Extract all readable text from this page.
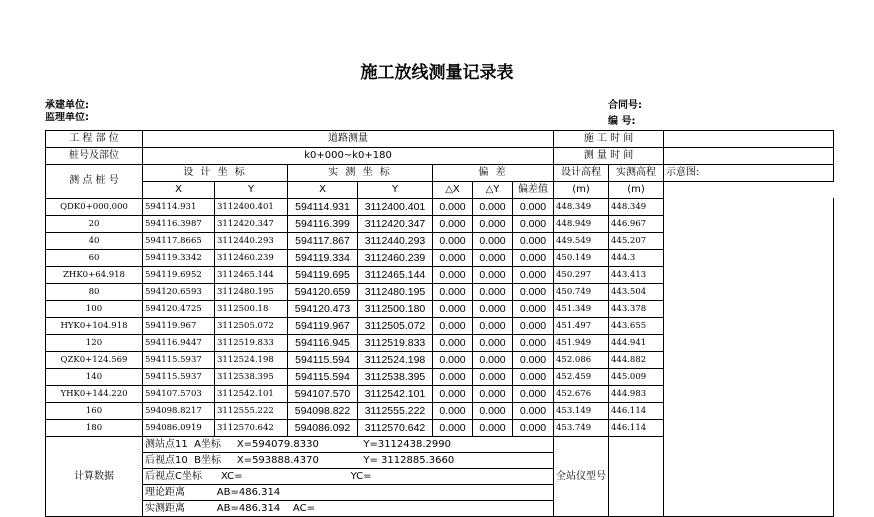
施工放线测量记录表
承建单位:
监理单位:
合同号:
编 号:
工 程 部 位	道路测量							施 工 时 间		
桩号及部位	k0+000~k0+180							测 量 时 间		
测 点 桩 号	设 计 坐 标		实 测 坐 标		偏 差			设计高程	实测高程	示意图:
	X	Y	X	Y	△X	△Y	偏差值	(m)	(m)	
QDK0+000.000	594114.931	3112400.401	594114.931	3112400.401	0.000	0.000	0.000	448.349	448.349	
20	594116.3987	3112420.347	594116.399	3112420.347	0.000	0.000	0.000	448.949	446.967	
40	594117.8665	3112440.293	594117.867	3112440.293	0.000	0.000	0.000	449.549	445.207	
60	594119.3342	3112460.239	594119.334	3112460.239	0.000	0.000	0.000	450.149	444.3	
ZHK0+64.918	594119.6952	3112465.144	594119.695	3112465.144	0.000	0.000	0.000	450.297	443.413	
80	594120.6593	3112480.195	594120.659	3112480.195	0.000	0.000	0.000	450.749	443.504	
100	594120.4725	3112500.18	594120.473	3112500.180	0.000	0.000	0.000	451.349	443.378	
HYK0+104.918	594119.967	3112505.072	594119.967	3112505.072	0.000	0.000	0.000	451.497	443.655	
120	594116.9447	3112519.833	594116.945	3112519.833	0.000	0.000	0.000	451.949	444.941	
QZK0+124.569	594115.5937	3112524.198	594115.594	3112524.198	0.000	0.000	0.000	452.086	444.882	
140	594115.5937	3112538.395	594115.594	3112538.395	0.000	0.000	0.000	452.459	445.009	
YHK0+144.220	594107.5703	3112542.101	594107.570	3112542.101	0.000	0.000	0.000	452.676	444.983	
160	594098.8217	3112555.222	594098.822	3112555.222	0.000	0.000	0.000	453.149	446.114	
180	594086.0919	3112570.642	594086.092	3112570.642	0.000	0.000	0.000	453.749	446.114	
计算数据	测站点11  A坐标     X=594079.8330              Y=3112438.2990							全站仪型号		
	后视点10  B坐标     X=593888.4370              Y= 3112885.3660									
	后视点C坐标      XC=                                  YC=									
	理论距离          AB=486.314									
	实测距离          AB=486.314    AC=									
